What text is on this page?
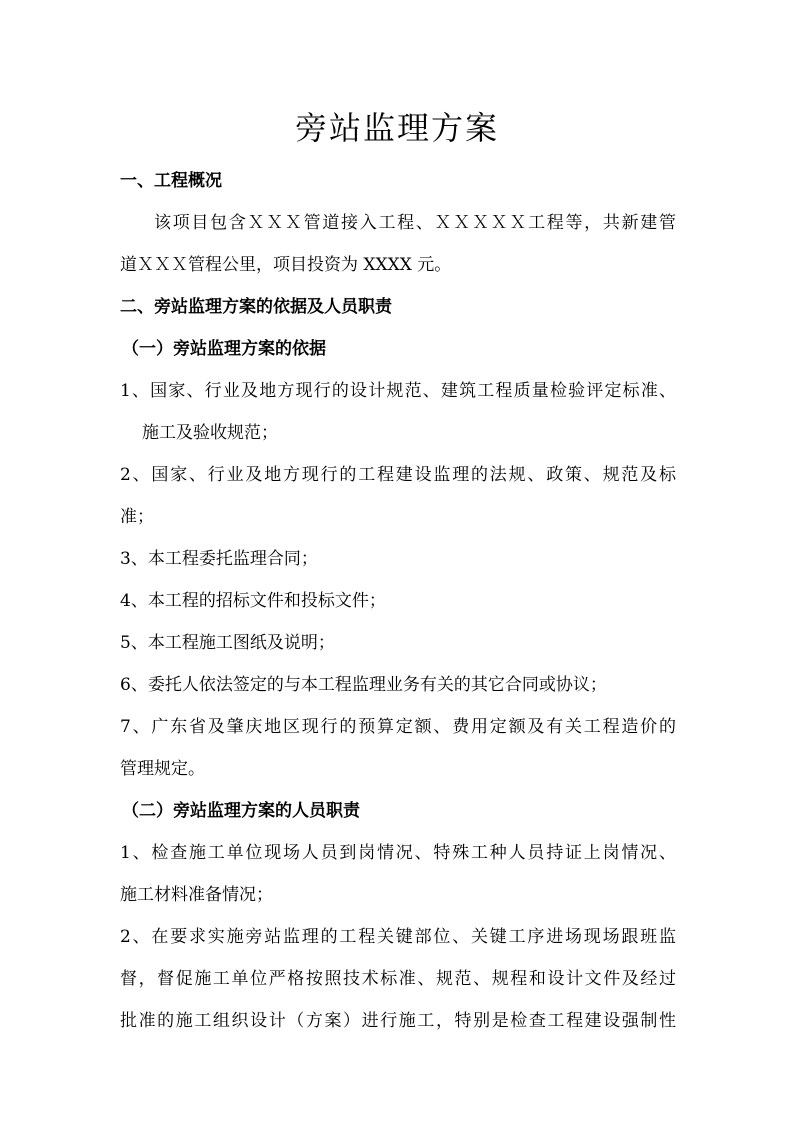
旁站监理方案
一、工程概况
该项目包含ＸＸＸ管道接入工程、ＸＸＸＸＸ工程等，共新建管
道ＸＸＸ管程公里，项目投资为 XXXX 元。
二、旁站监理方案的依据及人员职责
（一）旁站监理方案的依据
1、国家、行业及地方现行的设计规范、建筑工程质量检验评定标准、
施工及验收规范；
2、国家、行业及地方现行的工程建设监理的法规、政策、规范及标
准；
3、本工程委托监理合同；
4、本工程的招标文件和投标文件；
5、本工程施工图纸及说明；
6、委托人依法签定的与本工程监理业务有关的其它合同或协议；
7、广东省及肇庆地区现行的预算定额、费用定额及有关工程造价的
管理规定。
（二）旁站监理方案的人员职责
1、检查施工单位现场人员到岗情况、特殊工种人员持证上岗情况、
施工材料准备情况；
2、在要求实施旁站监理的工程关键部位、关键工序进场现场跟班监
督，督促施工单位严格按照技术标准、规范、规程和设计文件及经过
批准的施工组织设计（方案）进行施工，特别是检查工程建设强制性
